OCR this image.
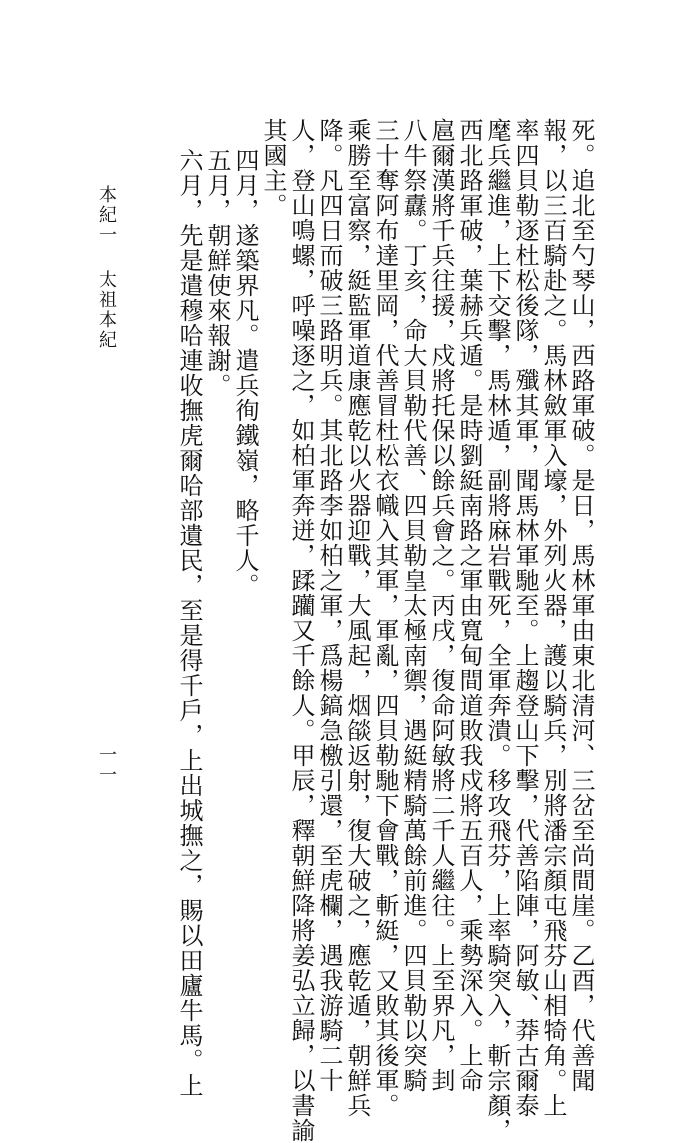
死。追北至勺琴山，西路軍破。是日，馬林軍由東北清河、三岔至尚間崖。乙酉，代善聞
報，以三百騎赴之。馬林斂軍入壕，外列火器，護以騎兵，別將潘宗顏屯飛芬山相犄角。上
率四貝勒逐杜松後隊，殲其軍，聞馬林軍馳至。上趨登山下擊，代善陷陣，阿敏、莽古爾泰
麾兵繼進，上下交擊，馬林遁，副將麻岩戰死，全軍奔潰。移攻飛芬，上率騎突入，斬宗顏，
西北路軍破，葉赫兵遁。是時劉綎南路之軍由寬甸間道敗我戍將五百人，乘勢深入。上命
扈爾漢將千兵往援，戍將托保以餘兵會之。丙戌，復命阿敏將二千人繼往。上至界凡，刲
八牛祭纛。丁亥，命大貝勒代善、四貝勒皇太極南禦，遇綎精騎萬餘前進。四貝勒以突騎
三十奪阿布達里岡，代善冒杜松衣幟入其軍，軍亂，四貝勒馳下會戰，斬綎，又敗其後軍。
乘勝至富察，綎監軍道康應乾以火器迎戰，大風起，烟燄返射，復大破之，應乾遁，朝鮮兵
降。凡四日而破三路明兵。其北路李如柏之軍，爲楊鎬急檄引還，至虎欄，遇我游騎二十
人，登山鳴螺，呼噪逐之，如柏軍奔迸，蹂躪又千餘人。甲辰，釋朝鮮降將姜弘立歸，以書諭
其國主。
四月，遂築界凡。遣兵徇鐵嶺，略千人。
五月，朝鮮使來報謝。
六月，先是遣穆哈連收撫虎爾哈部遺民，至是得千戶，上出城撫之，賜以田廬牛馬。上
本紀一
太祖本紀
一一
